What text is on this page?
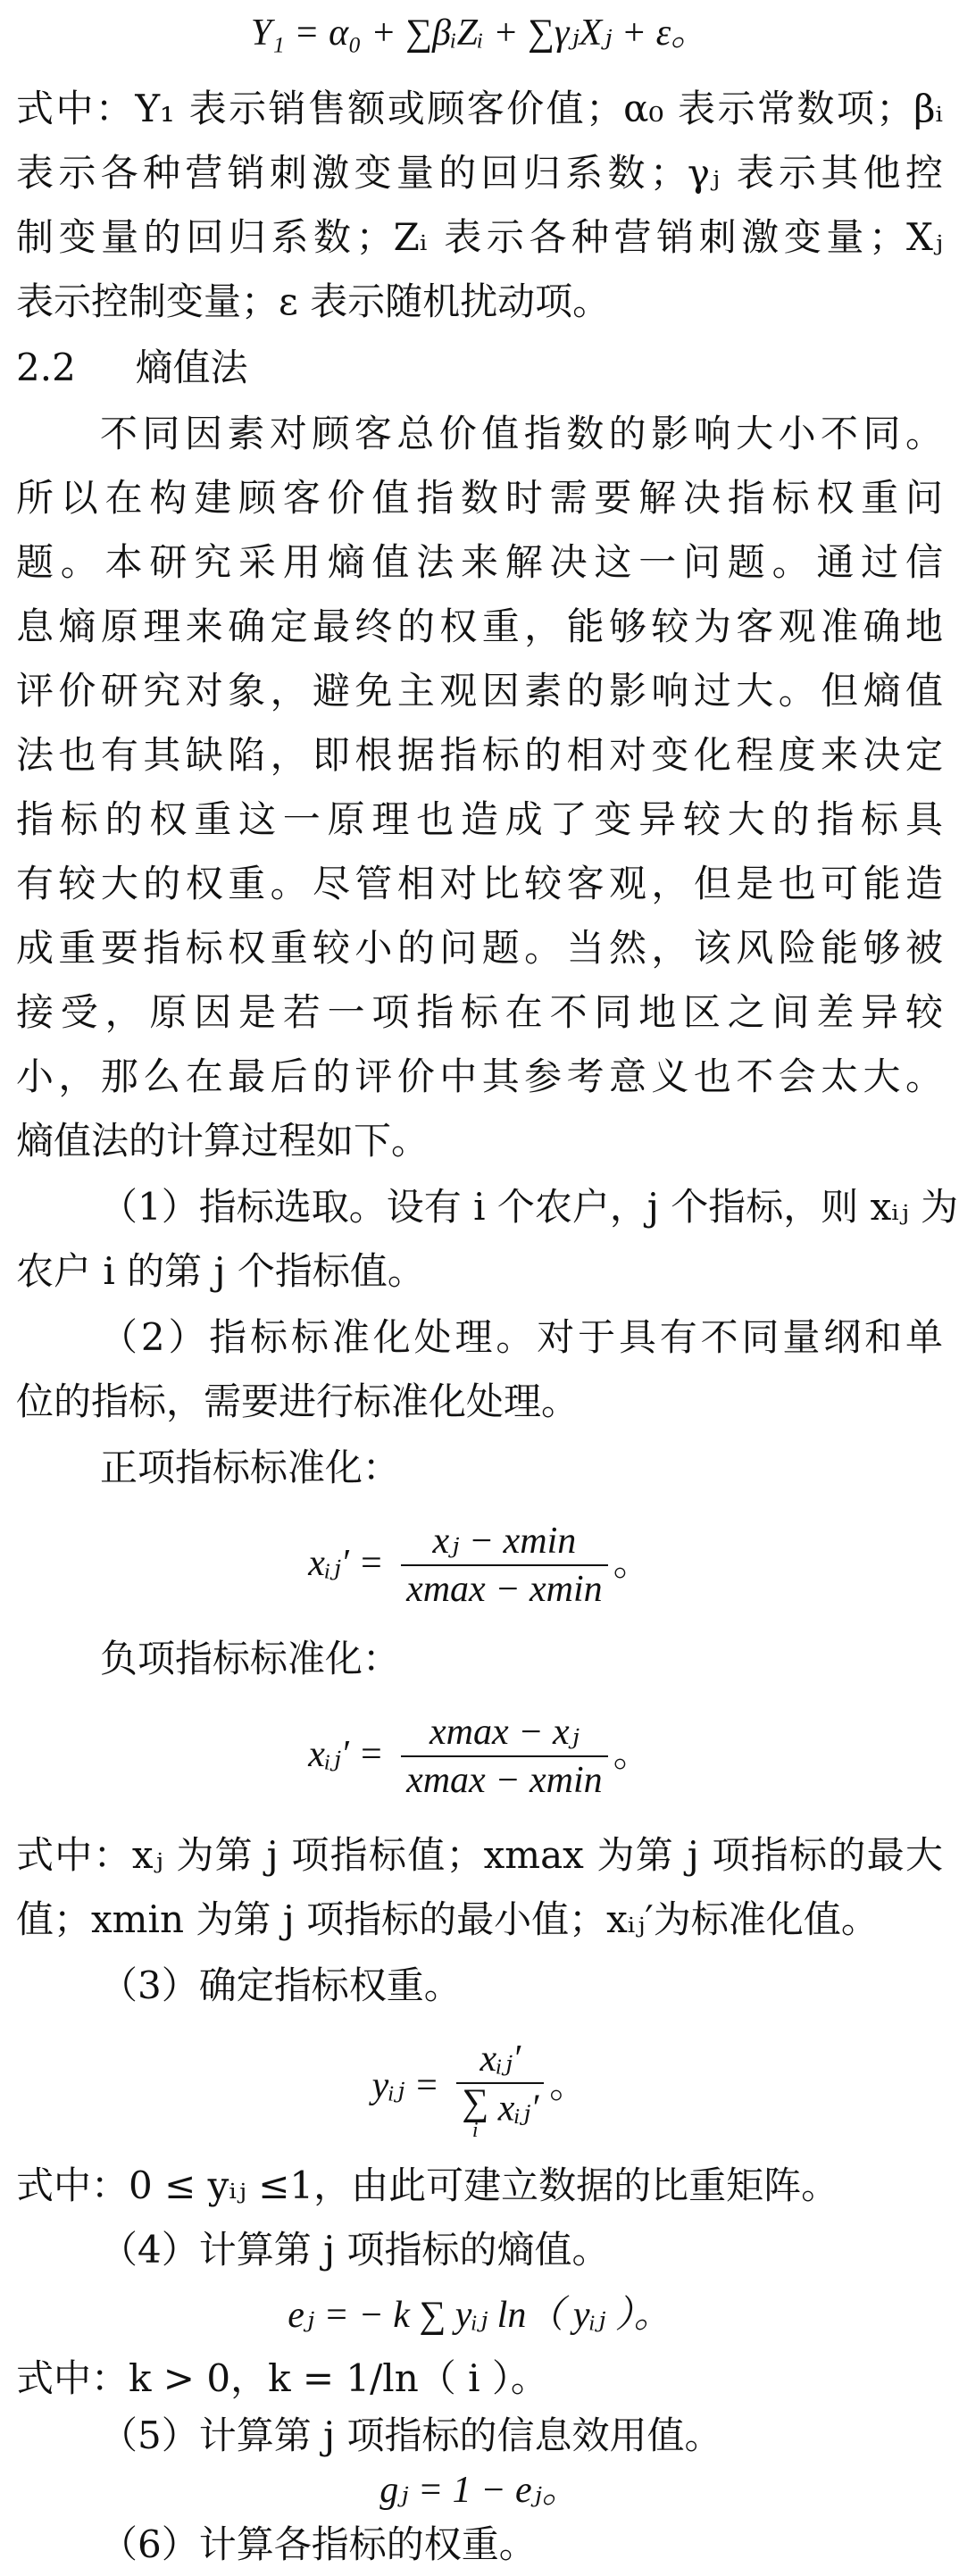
Y₁ = α₀ + ∑βᵢZᵢ + ∑γⱼXⱼ + ε。
式中：Y₁ 表示销售额或顾客价值；α₀ 表示常数项；βᵢ
表示各种营销刺激变量的回归系数；γⱼ 表示其他控
制变量的回归系数；Zᵢ 表示各种营销刺激变量；Xⱼ
表示控制变量；ε 表示随机扰动项。
2.2 熵值法
不同因素对顾客总价值指数的影响大小不同。
所以在构建顾客价值指数时需要解决指标权重问
题。本研究采用熵值法来解决这一问题。通过信
息熵原理来确定最终的权重，能够较为客观准确地
评价研究对象，避免主观因素的影响过大。但熵值
法也有其缺陷，即根据指标的相对变化程度来决定
指标的权重这一原理也造成了变异较大的指标具
有较大的权重。尽管相对比较客观，但是也可能造
成重要指标权重较小的问题。当然，该风险能够被
接受，原因是若一项指标在不同地区之间差异较
小，那么在最后的评价中其参考意义也不会太大。
熵值法的计算过程如下。
（1）指标选取。设有 i 个农户，j 个指标，则 xᵢⱼ 为
农户 i 的第 j 个指标值。
（2）指标标准化处理。对于具有不同量纲和单
位的指标，需要进行标准化处理。
正项指标标准化：
xᵢⱼ′ = $\frac{\text{xⱼ − xmin}}{xmax - xmin}$ 。
负项指标标准化：
xᵢⱼ′ = $\frac{\text{xmax − xⱼ}}{xmax - xmin}$ 。
式中：xⱼ 为第 j 项指标值；xmax 为第 j 项指标的最大
值；xmin 为第 j 项指标的最小值；xᵢⱼ′为标准化值。
（3）确定指标权重。
yᵢⱼ = xᵢⱼ′
∑
i
xᵢⱼ′ 。
式中：0 ≤ yᵢⱼ ≤1，由此可建立数据的比重矩阵。
（4）计算第 j 项指标的熵值。
eⱼ = − k ∑ yᵢⱼ ln（ yᵢⱼ ）。
式中：k > 0，k = 1/ln（ i ）。
（5）计算第 j 项指标的信息效用值。
gⱼ = 1 − eⱼ。
（6）计算各指标的权重。
